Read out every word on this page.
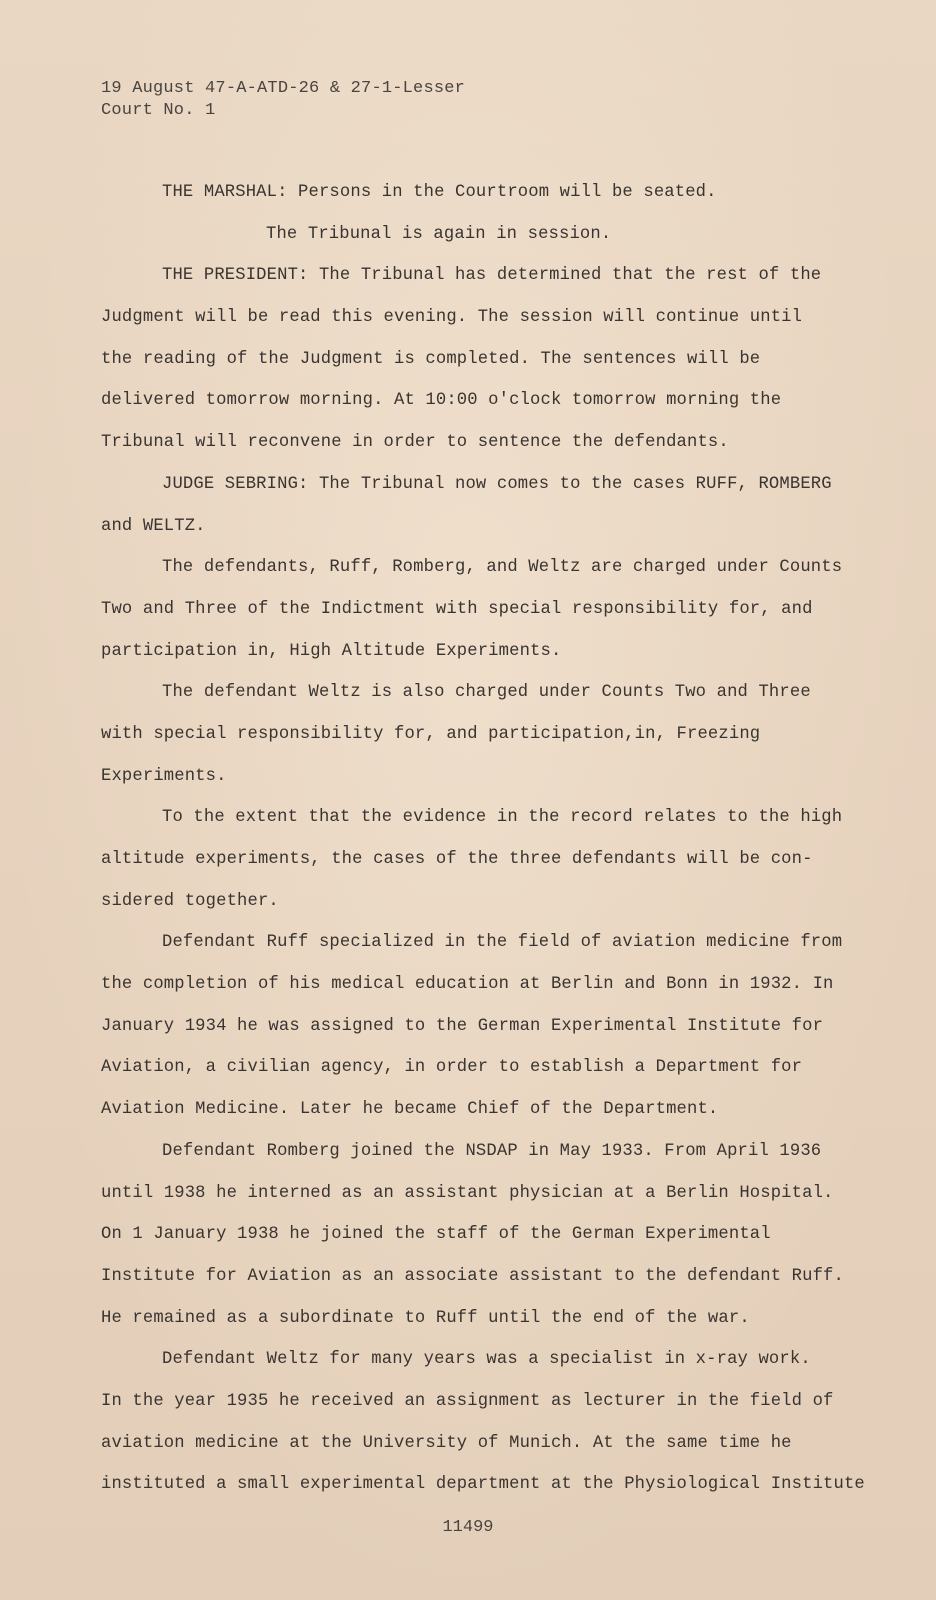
19 August 47-A-ATD-26 & 27-1-Lesser
Court No. 1
THE MARSHAL: Persons in the Courtroom will be seated.
The Tribunal is again in session.
THE PRESIDENT: The Tribunal has determined that the rest of the
Judgment will be read this evening. The session will continue until
the reading of the Judgment is completed. The sentences will be
delivered tomorrow morning. At 10:00 o'clock tomorrow morning the
Tribunal will reconvene in order to sentence the defendants.
JUDGE SEBRING: The Tribunal now comes to the cases RUFF, ROMBERG
and WELTZ.
The defendants, Ruff, Romberg, and Weltz are charged under Counts
Two and Three of the Indictment with special responsibility for, and
participation in, High Altitude Experiments.
The defendant Weltz is also charged under Counts Two and Three
with special responsibility for, and participation,in, Freezing
Experiments.
To the extent that the evidence in the record relates to the high
altitude experiments, the cases of the three defendants will be con-
sidered together.
Defendant Ruff specialized in the field of aviation medicine from
the completion of his medical education at Berlin and Bonn in 1932. In
January 1934 he was assigned to the German Experimental Institute for
Aviation, a civilian agency, in order to establish a Department for
Aviation Medicine. Later he became Chief of the Department.
Defendant Romberg joined the NSDAP in May 1933. From April 1936
until 1938 he interned as an assistant physician at a Berlin Hospital.
On 1 January 1938 he joined the staff of the German Experimental
Institute for Aviation as an associate assistant to the defendant Ruff.
He remained as a subordinate to Ruff until the end of the war.
Defendant Weltz for many years was a specialist in x-ray work.
In the year 1935 he received an assignment as lecturer in the field of
aviation medicine at the University of Munich. At the same time he
instituted a small experimental department at the Physiological Institute
11499
